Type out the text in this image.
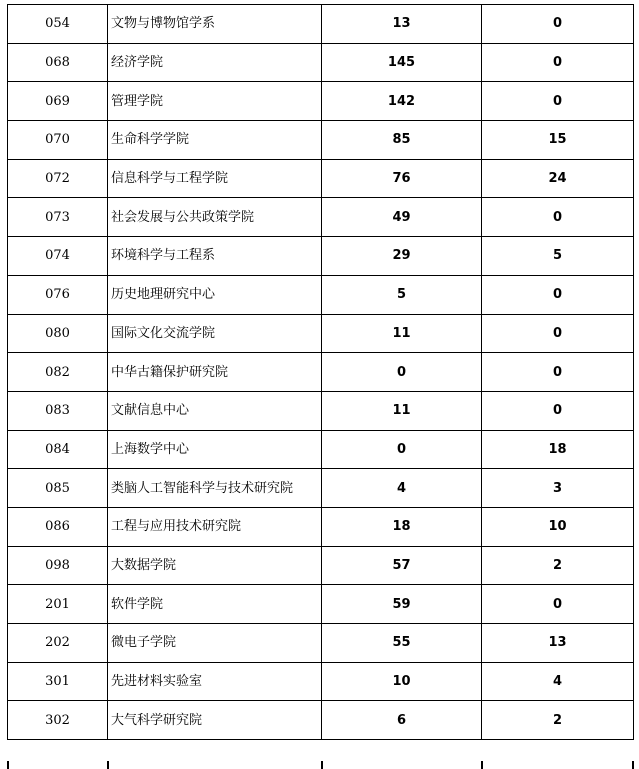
054	文物与博物馆学系	13	0
068	经济学院	145	0
069	管理学院	142	0
070	生命科学学院	85	15
072	信息科学与工程学院	76	24
073	社会发展与公共政策学院	49	0
074	环境科学与工程系	29	5
076	历史地理研究中心	5	0
080	国际文化交流学院	11	0
082	中华古籍保护研究院	0	0
083	文献信息中心	11	0
084	上海数学中心	0	18
085	类脑人工智能科学与技术研究院	4	3
086	工程与应用技术研究院	18	10
098	大数据学院	57	2
201	软件学院	59	0
202	微电子学院	55	13
301	先进材料实验室	10	4
302	大气科学研究院	6	2
